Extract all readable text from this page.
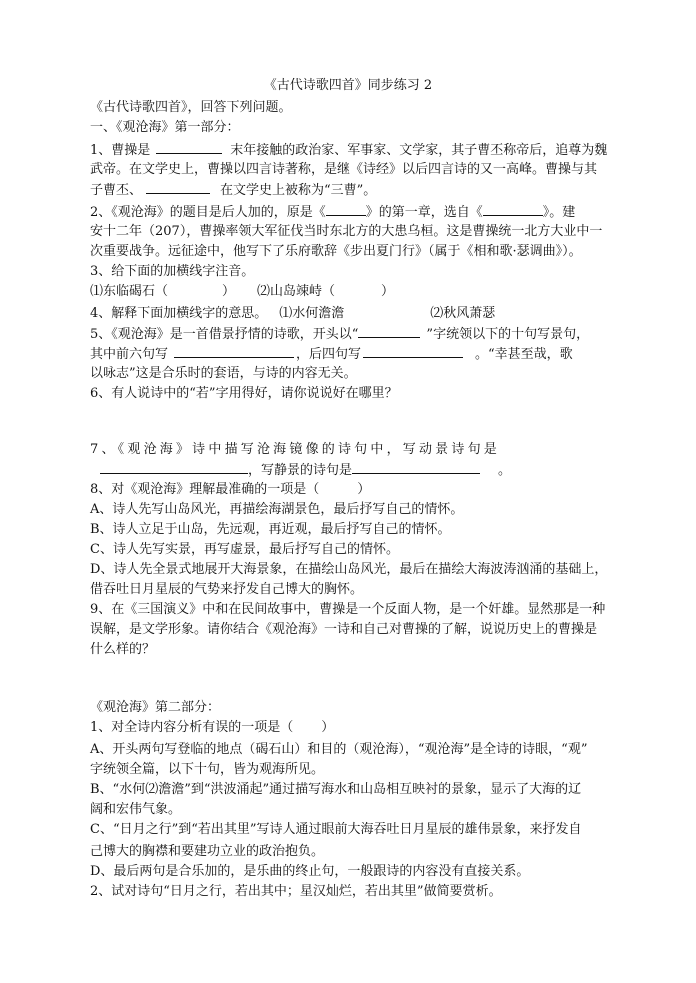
《古代诗歌四首》同步练习 2
《古代诗歌四首》，回答下列问题。
一、《观沧海》第一部分：
1、曹操是	末年接触的政治家、军事家、文学家，其子曹丕称帝后，追尊为魏
武帝。在文学史上，曹操以四言诗著称，是继《诗经》以后四言诗的又一高峰。曹操与其
子曹丕、	在文学史上被称为“三曹”。
2、《观沧海》的题目是后人加的，原是《	》的第一章，选自《	》。建
安十二年（207），曹操率领大军征伐当时东北方的大患乌桓。这是曹操统一北方大业中一
次重要战争。远征途中，他写下了乐府歌辞《步出夏门行》（属于《相和歌·瑟调曲》）。
3、给下面的加横线字注音。
⑴东临碣石（	） ⑵山岛竦峙（	）
4、解释下面加横线字的意思。 ⑴水何澹澹	⑵秋风萧瑟
5、《观沧海》是一首借景抒情的诗歌，开头以“	”字统领以下的十句写景句，
其中前六句写	，后四句写	。“幸甚至哉，歌
以咏志”这是合乐时的套语，与诗的内容无关。
6、有人说诗中的“若”字用得好，请你说说好在哪里？
7、《观沧海》诗中描写沧海镜像的诗句中，写动景诗句是
，写静景的诗句是	。
8、对《观沧海》理解最准确的一项是（	）
A、诗人先写山岛风光，再描绘海湖景色，最后抒写自己的情怀。
B、诗人立足于山岛，先远观，再近观，最后抒写自己的情怀。
C、诗人先写实景，再写虚景，最后抒写自己的情怀。
D、诗人先全景式地展开大海景象，在描绘山岛风光，最后在描绘大海波涛汹涌的基础上，
借吞吐日月星辰的气势来抒发自己博大的胸怀。
9、在《三国演义》中和在民间故事中，曹操是一个反面人物，是一个奸雄。显然那是一种
误解，是文学形象。请你结合《观沧海》一诗和自己对曹操的了解，说说历史上的曹操是
什么样的？
《观沧海》第二部分：
1、对全诗内容分析有误的一项是（ ）
A、开头两句写登临的地点（碣石山）和目的（观沧海），“观沧海”是全诗的诗眼，“观”
字统领全篇，以下十句，皆为观海所见。
B、“水何⑵澹澹”到“洪波涌起”通过描写海水和山岛相互映衬的景象，显示了大海的辽
阔和宏伟气象。
C、“日月之行”到“若出其里”写诗人通过眼前大海吞吐日月星辰的雄伟景象，来抒发自
己博大的胸襟和要建功立业的政治抱负。
D、最后两句是合乐加的，是乐曲的终止句，一般跟诗的内容没有直接关系。
2、试对诗句“日月之行，若出其中；星汉灿烂，若出其里”做简要赏析。
